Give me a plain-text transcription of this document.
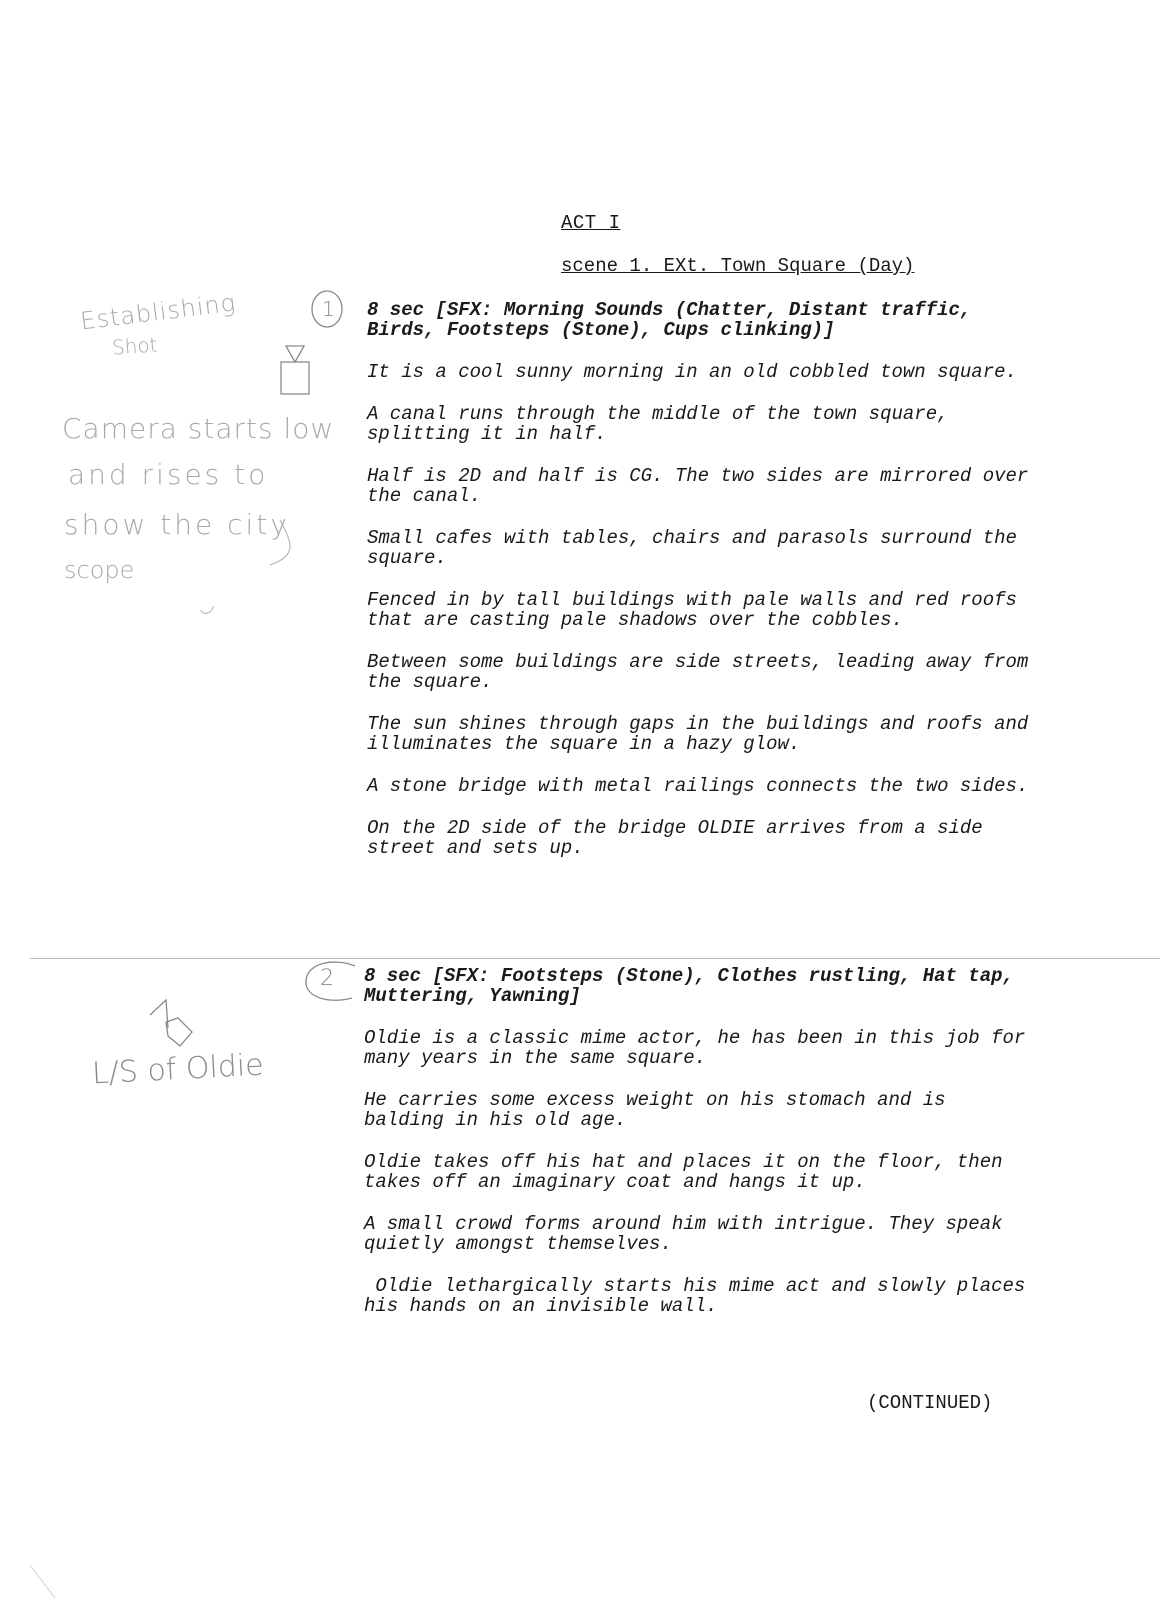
Establishing
Shot
Camera starts low
and rises to
show the city
scope
L/S of Oldie
1
2
ACT I
scene 1. EXt. Town Square (Day)

8 sec [SFX: Morning Sounds (Chatter, Distant traffic, Birds, Footsteps (Stone), Cups clinking)]

It is a cool sunny morning in an old cobbled town square.

A canal runs through the middle of the town square, splitting it in half.

Half is 2D and half is CG. The two sides are mirrored over the canal.

Small cafes with tables, chairs and parasols surround the square.

Fenced in by tall buildings with pale walls and red roofs that are casting pale shadows over the cobbles.

Between some buildings are side streets, leading away from the square.

The sun shines through gaps in the buildings and roofs and illuminates the square in a hazy glow.

A stone bridge with metal railings connects the two sides.

On the 2D side of the bridge OLDIE arrives from a side street and sets up.

8 sec [SFX: Footsteps (Stone), Clothes rustling, Hat tap, Muttering, Yawning]

Oldie is a classic mime actor, he has been in this job for many years in the same square.

He carries some excess weight on his stomach and is balding in his old age.

Oldie takes off his hat and places it on the floor, then takes off an imaginary coat and hangs it up.

A small crowd forms around him with intrigue. They speak quietly amongst themselves.

Oldie lethargically starts his mime act and slowly places his hands on an invisible wall.

(CONTINUED)
